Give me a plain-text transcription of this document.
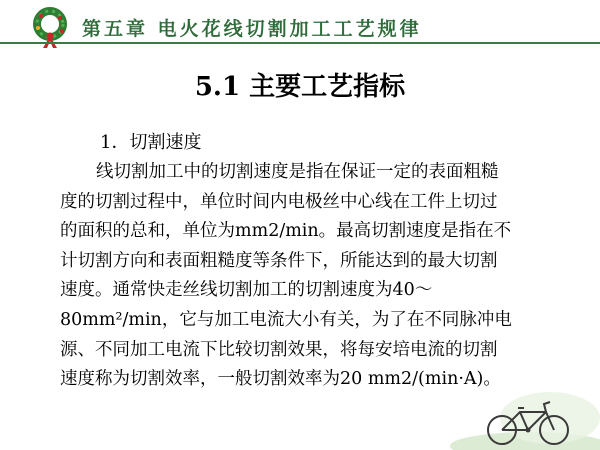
第五章 电火花线切割加工工艺规律
5.1 主要工艺指标
1．切割速度
线切割加工中的切割速度是指在保证一定的表面粗糙
度的切割过程中，单位时间内电极丝中心线在工件上切过
的面积的总和，单位为mm2/min。最高切割速度是指在不
计切割方向和表面粗糙度等条件下，所能达到的最大切割
速度。通常快走丝线切割加工的切割速度为40～
80mm²/min，它与加工电流大小有关，为了在不同脉冲电
源、不同加工电流下比较切割效果，将每安培电流的切割
速度称为切割效率，一般切割效率为20 mm2/(min·A)。
